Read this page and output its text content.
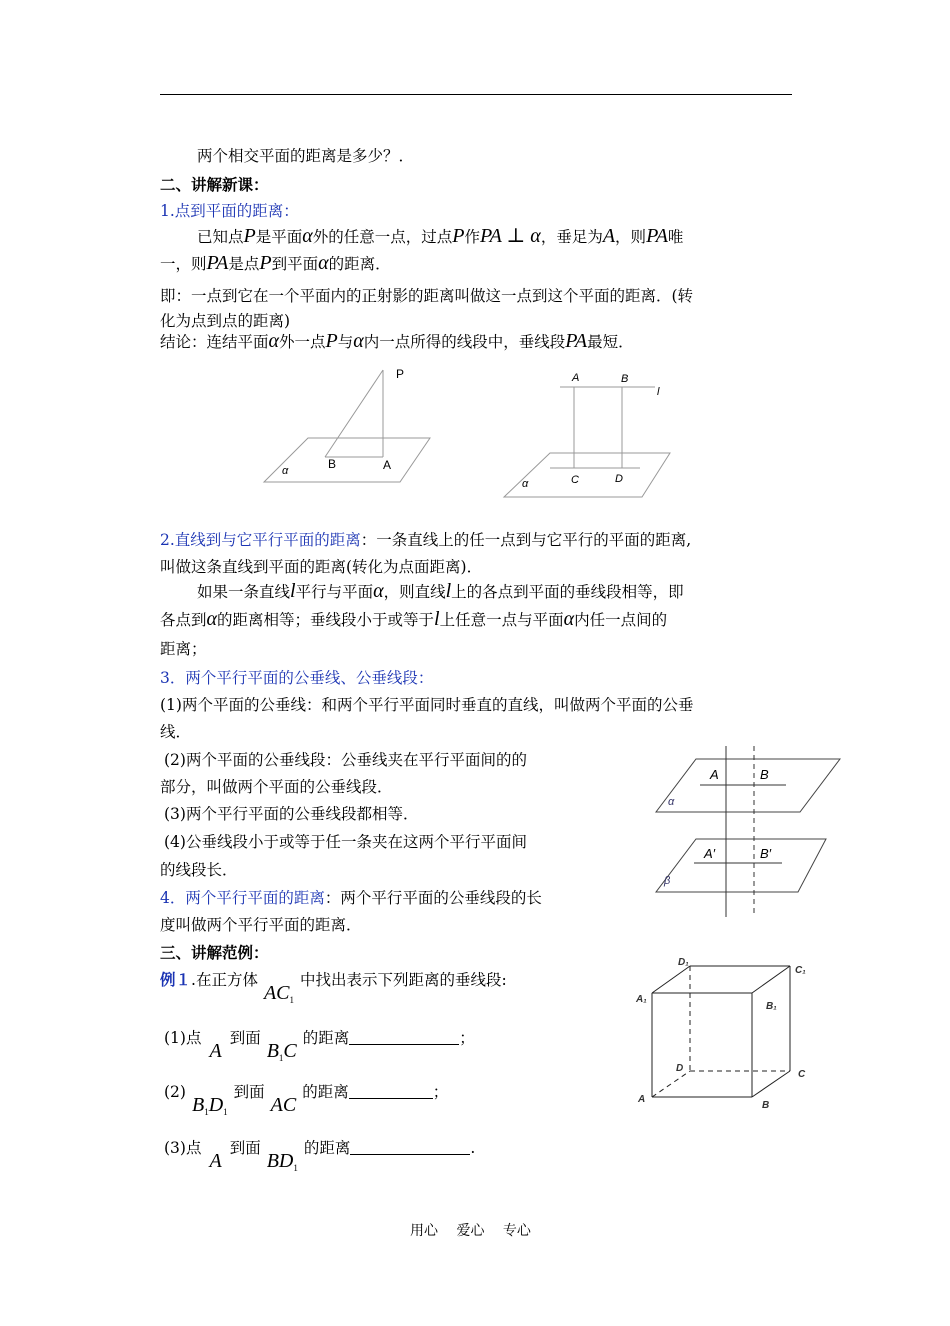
两个相交平面的距离是多少？．
二、讲解新课：
1.点到平面的距离：
已知点P是平面α外的任意一点，过点P作PA ⊥ α，垂足为A，则PA唯
一，则PA是点P到平面α的距离．
即：一点到它在一个平面内的正射影的距离叫做这一点到这个平面的距离．(转
化为点到点的距离)
结论：连结平面α外一点P与α内一点所得的线段中，垂线段PA最短．
P
B	A
α
A	B
l
C	D
α
2.直线到与它平行平面的距离：一条直线上的任一点到与它平行的平面的距离,
叫做这条直线到平面的距离(转化为点面距离)．
如果一条直线l平行与平面α，则直线l上的各点到平面的垂线段相等，即
各点到α的距离相等；垂线段小于或等于l上任意一点与平面α内任一点间的
距离；
3．两个平行平面的公垂线、公垂线段：
(1)两个平面的公垂线：和两个平行平面同时垂直的直线，叫做两个平面的公垂
线．
(2)两个平面的公垂线段：公垂线夹在平行平面间的的
部分，叫做两个平面的公垂线段．
(3)两个平行平面的公垂线段都相等．
(4)公垂线段小于或等于任一条夹在这两个平行平面间
的线段长．
4．两个平行平面的距离：两个平行平面的公垂线段的长
度叫做两个平行平面的距离．
A	B
α
A′	B′
β
三、讲解范例：
例１.在正方体$AC_1$中找出表示下列距离的垂线段:
(1)点A到面$B_1C$的距离	；
$(2)B_1D_1$到面AC的距离	；
(3)点A到面$BD_1$的距离	.
D₁
C₁
A₁
B₁
D
C
A
B
用心 爱心 专心
